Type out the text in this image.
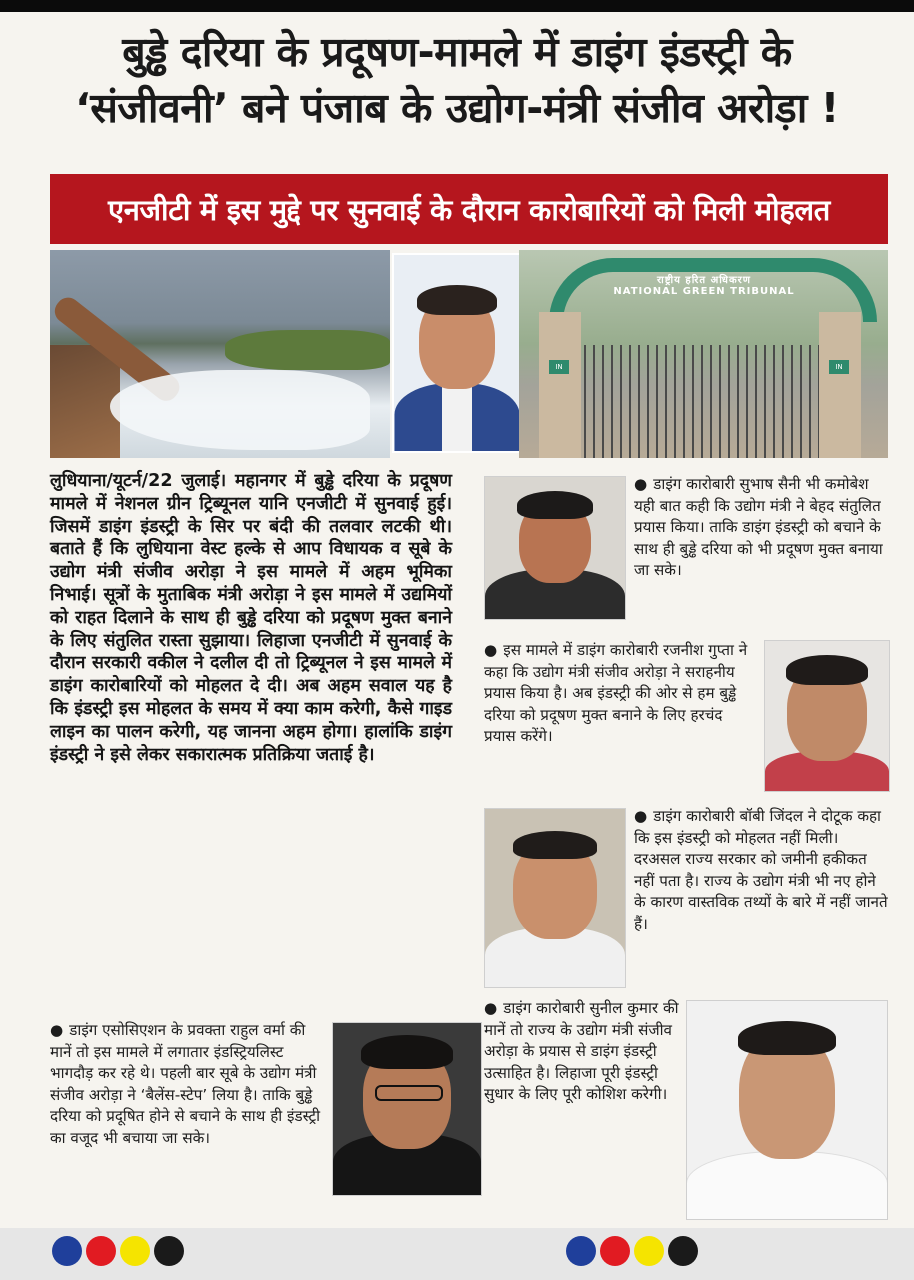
बुड्ढे दरिया के प्रदूषण-मामले में डाइंग इंडस्ट्री के
‘संजीवनी’ बने पंजाब के उद्योग-मंत्री संजीव अरोड़ा !
एनजीटी में इस मुद्दे पर सुनवाई के दौरान कारोबारियों को मिली मोहलत
राष्ट्रीय हरित अधिकरण
NATIONAL GREEN TRIBUNAL
IN	IN
लुधियाना/यूटर्न/22 जुलाई। महानगर में बुड्ढे दरिया के प्रदूषण मामले में नेशनल ग्रीन ट्रिब्यूनल यानि एनजीटी में सुनवाई हुई। जिसमें डाइंग इंडस्ट्री के सिर पर बंदी की तलवार लटकी थी। बताते हैं कि लुधियाना वेस्ट हल्के से आप विधायक व सूबे के उद्योग मंत्री संजीव अरोड़ा ने इस मामले में अहम भूमिका निभाई। सूत्रों के मुताबिक मंत्री अरोड़ा ने इस मामले में उद्यमियों को राहत दिलाने के साथ ही बुड्ढे दरिया को प्रदूषण मुक्त बनाने के लिए संतुलित रास्ता सुझाया। लिहाजा एनजीटी में सुनवाई के दौरान सरकारी वकील ने दलील दी तो ट्रिब्यूनल ने इस मामले में डाइंग कारोबारियों को मोहलत दे दी। अब अहम सवाल यह है कि इंडस्ट्री इस मोहलत के समय में क्या काम करेगी, कैसे गाइड लाइन का पालन करेगी, यह जानना अहम होगा। हालांकि डाइंग इंडस्ट्री ने इसे लेकर सकारात्मक प्रतिक्रिया जताई है।
● डाइंग कारोबारी सुभाष सैनी भी कमोबेश यही बात कही कि उद्योग मंत्री ने बेहद संतुलित प्रयास किया। ताकि डाइंग इंडस्ट्री को बचाने के साथ ही बुड्ढे दरिया को भी प्रदूषण मुक्त बनाया जा सके।
● इस मामले में डाइंग कारोबारी रजनीश गुप्ता ने कहा कि उद्योग मंत्री संजीव अरोड़ा ने सराहनीय प्रयास किया है। अब इंडस्ट्री की ओर से हम बुड्ढे दरिया को प्रदूषण मुक्त बनाने के लिए हरचंद प्रयास करेंगे।
● डाइंग कारोबारी बॉबी जिंदल ने दोटूक कहा कि इस इंडस्ट्री को मोहलत नहीं मिली। दरअसल राज्य सरकार को जमीनी हकीकत नहीं पता है। राज्य के उद्योग मंत्री भी नए होने के कारण वास्तविक तथ्यों के बारे में नहीं जानते हैं।
● डाइंग कारोबारी सुनील कुमार की मानें तो राज्य के उद्योग मंत्री संजीव अरोड़ा के प्रयास से डाइंग इंडस्ट्री उत्साहित है। लिहाजा पूरी इंडस्ट्री सुधार के लिए पूरी कोशिश करेगी।
● डाइंग एसोसिएशन के प्रवक्ता राहुल वर्मा की मानें तो इस मामले में लगातार इंडस्ट्रियलिस्ट भागदौड़ कर रहे थे। पहली बार सूबे के उद्योग मंत्री संजीव अरोड़ा ने ‘बैलेंस-स्टेप’ लिया है। ताकि बुड्ढे दरिया को प्रदूषित होने से बचाने के साथ ही इंडस्ट्री का वजूद भी बचाया जा सके।
